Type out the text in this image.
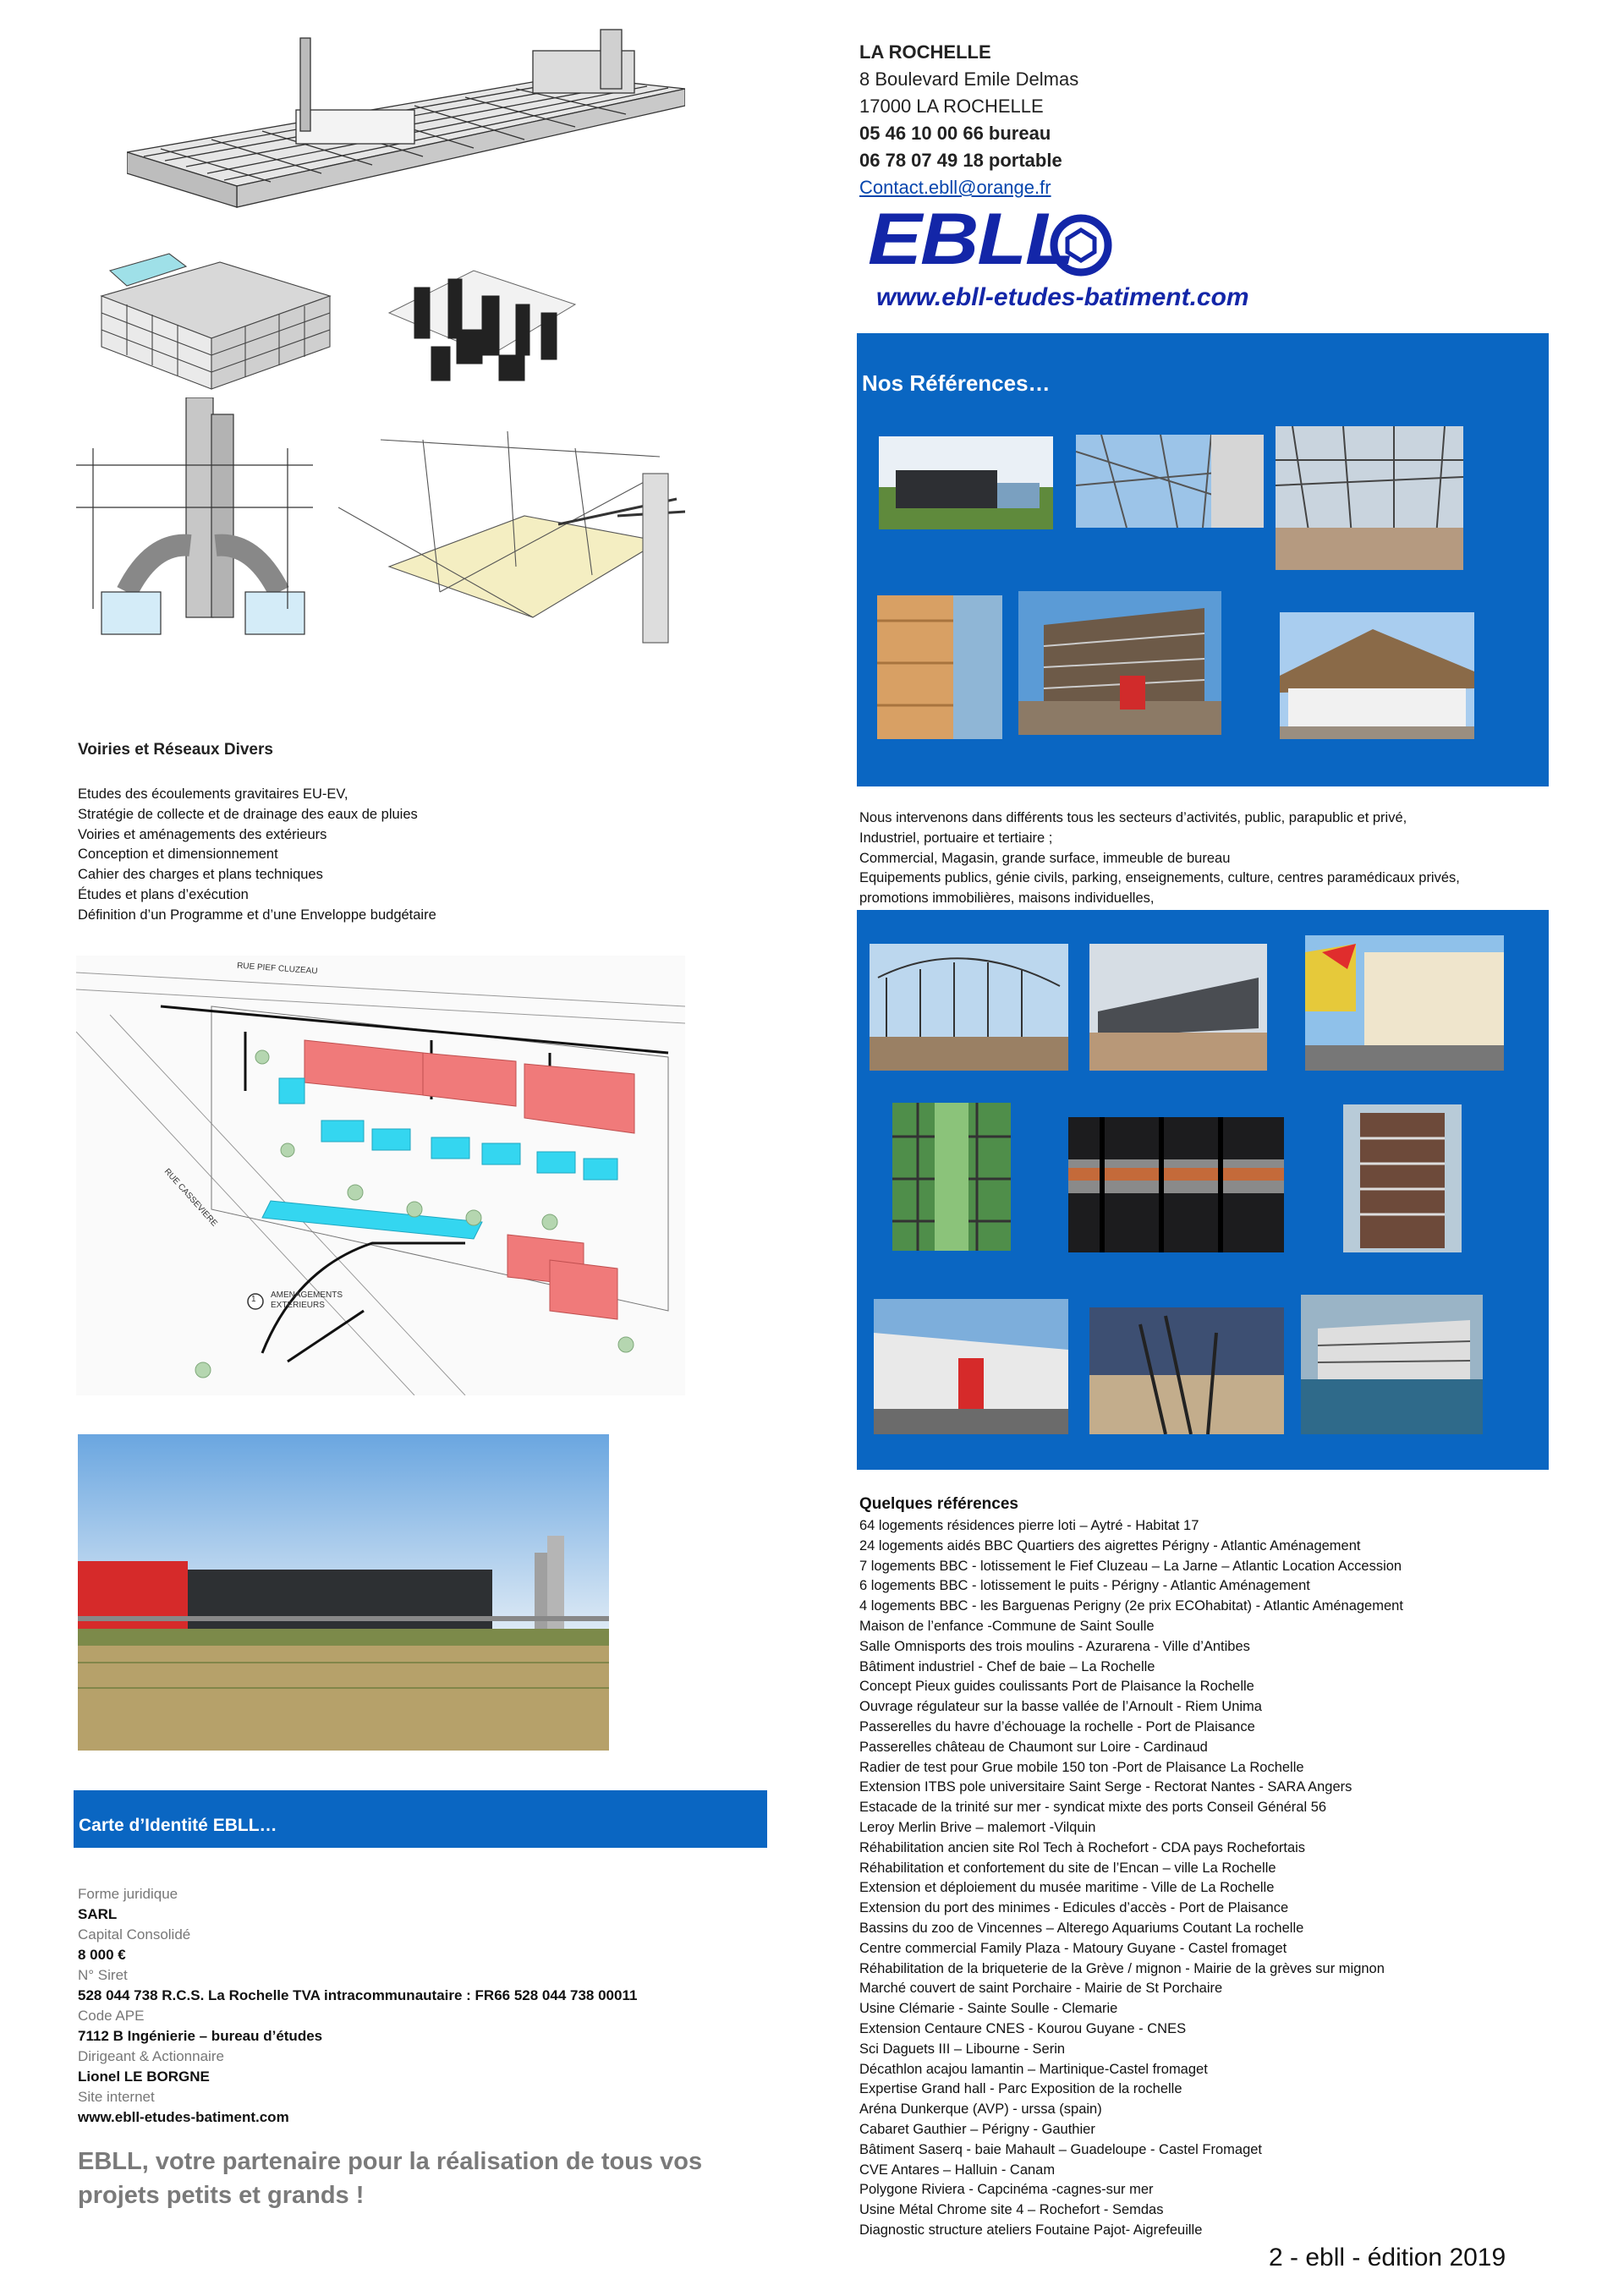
LA ROCHELLE
8 Boulevard Emile Delmas
17000 LA ROCHELLE
05 46 10 00 66 bureau
06 78 07 49 18 portable
Contact.ebll@orange.fr
EBLL
www.ebll-etudes-batiment.com
Nos Références…
Nous intervenons dans différents tous les secteurs d’activités, public, parapublic et privé,
Industriel, portuaire et tertiaire ;
Commercial, Magasin, grande surface, immeuble de bureau
Equipements publics, génie civils, parking, enseignements, culture, centres paramédicaux privés,
promotions immobilières, maisons individuelles,
Quelques références
64 logements résidences pierre loti – Aytré - Habitat 17
24 logements aidés BBC Quartiers des aigrettes Périgny - Atlantic Aménagement
7 logements BBC - lotissement le Fief Cluzeau – La Jarne – Atlantic Location Accession
6 logements BBC - lotissement le puits - Périgny - Atlantic Aménagement
4 logements BBC - les Barguenas Perigny (2e prix ECOhabitat) - Atlantic Aménagement
Maison de l’enfance -Commune de Saint Soulle
Salle Omnisports des trois moulins - Azurarena - Ville d’Antibes
Bâtiment industriel - Chef de baie – La Rochelle
Concept Pieux guides coulissants Port de Plaisance la Rochelle
Ouvrage régulateur sur la basse vallée de l’Arnoult - Riem Unima
Passerelles du havre d’échouage la rochelle - Port de Plaisance
Passerelles château de Chaumont sur Loire - Cardinaud
Radier de test pour Grue mobile 150 ton -Port de Plaisance La Rochelle
Extension ITBS pole universitaire Saint Serge - Rectorat Nantes - SARA Angers
Estacade de la trinité sur mer - syndicat mixte des ports Conseil Général 56
Leroy Merlin Brive – malemort -Vilquin
Réhabilitation ancien site Rol Tech à Rochefort - CDA pays Rochefortais
Réhabilitation et confortement du site de l’Encan – ville La Rochelle
Extension et déploiement du musée maritime - Ville de La Rochelle
Extension du port des minimes - Edicules d’accès - Port de Plaisance
Bassins du zoo de Vincennes – Alterego Aquariums Coutant La rochelle
Centre commercial Family Plaza - Matoury Guyane - Castel fromaget
Réhabilitation de la briqueterie de la Grève / mignon - Mairie de la grèves sur mignon
Marché couvert de saint Porchaire - Mairie de St Porchaire
Usine Clémarie - Sainte Soulle - Clemarie
Extension Centaure CNES - Kourou Guyane - CNES
Sci Daguets III – Libourne - Serin
Décathlon acajou lamantin – Martinique-Castel fromaget
Expertise Grand hall - Parc Exposition de la rochelle
Aréna Dunkerque (AVP) - urssa (spain)
Cabaret Gauthier – Périgny - Gauthier
Bâtiment Saserq - baie Mahault – Guadeloupe - Castel Fromaget
CVE Antares – Halluin - Canam
Polygone Riviera - Capcinéma -cagnes-sur mer
Usine Métal Chrome site 4 – Rochefort - Semdas
Diagnostic structure ateliers Foutaine Pajot- Aigrefeuille
2 - ebll - édition 2019
Voiries et Réseaux Divers
Etudes des écoulements gravitaires EU-EV,
Stratégie de collecte et de drainage des eaux de pluies
Voiries et aménagements des extérieurs
Conception et dimensionnement
Cahier des charges et plans techniques
Études et plans d’exécution
Définition d’un Programme et d’une Enveloppe budgétaire
RUE PIEF CLUZEAU
RUE CASSEVIERE
1 AMENAGEMENTS EXTERIEURS
Carte d’Identité EBLL…
Forme juridique
SARL
Capital Consolidé
8 000 €
N° Siret
528 044 738 R.C.S. La Rochelle TVA intracommunautaire : FR66 528 044 738 00011
Code APE
7112 B Ingénierie – bureau d’études
Dirigeant & Actionnaire
Lionel LE BORGNE
Site internet
www.ebll-etudes-batiment.com
EBLL, votre partenaire pour la réalisation de tous vos projets petits et grands !
